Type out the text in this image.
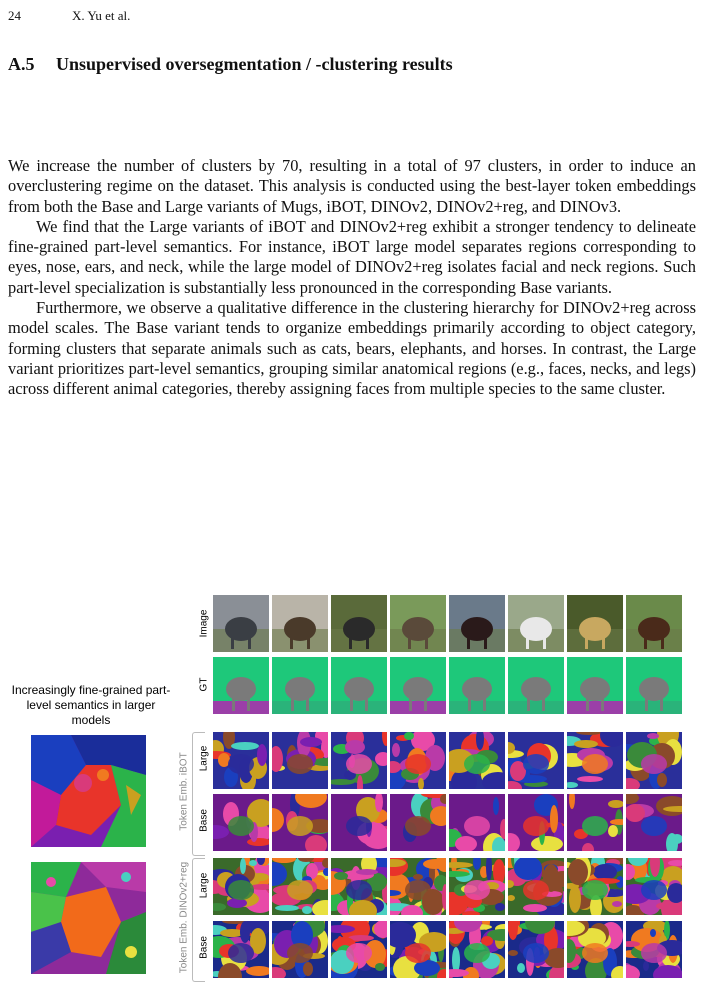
24	X. Yu et al.
A.5 Unsupervised oversegmentation / -clustering results

We increase the number of clusters by 70, resulting in a total of 97 clusters, in order to induce an overclustering regime on the dataset. This analysis is conducted using the best-layer token embeddings from both the Base and Large variants of Mugs, iBOT, DINOv2, DINOv2+reg, and DINOv3.

We find that the Large variants of iBOT and DINOv2+reg exhibit a stronger tendency to delineate fine-grained part-level semantics. For instance, iBOT large model separates regions corresponding to eyes, nose, ears, and neck, while the large model of DINOv2+reg isolates facial and neck regions. Such part-level specialization is substantially less pronounced in the corresponding Base variants.

Furthermore, we observe a qualitative difference in the clustering hierarchy for DINOv2+reg across model scales. The Base variant tends to organize embeddings primarily according to object category, forming clusters that separate animals such as cats, bears, elephants, and horses. In contrast, the Large variant prioritizes part-level semantics, grouping similar anatomical regions (e.g., faces, necks, and legs) across different animal categories, thereby assigning faces from multiple species to the same cluster.

Increasingly fine-grained part-level semantics in larger models
Image
GT
Token Emb. iBOT Large
Base
Token Emb. DINOv2+reg Large
Base
